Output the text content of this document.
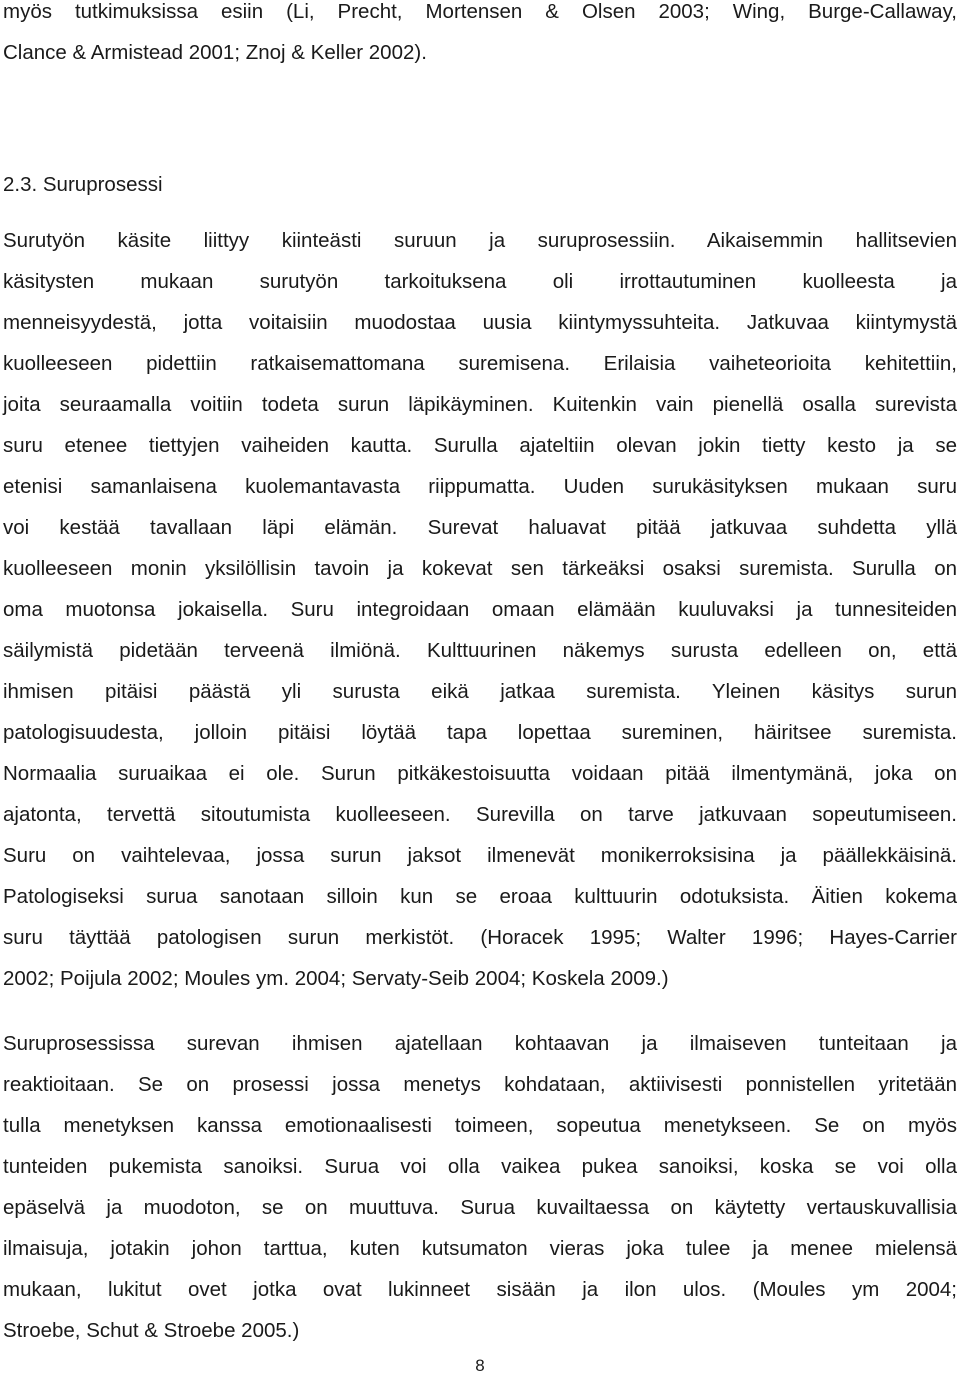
myös tutkimuksissa esiin (Li, Precht, Mortensen & Olsen 2003; Wing, Burge-Callaway,
Clance & Armistead 2001; Znoj & Keller 2002).
2.3. Suruprosessi
Surutyön käsite liittyy kiinteästi suruun ja suruprosessiin. Aikaisemmin hallitsevien
käsitysten mukaan surutyön tarkoituksena oli irrottautuminen kuolleesta ja
menneisyydestä, jotta voitaisiin muodostaa uusia kiintymyssuhteita. Jatkuvaa kiintymystä
kuolleeseen pidettiin ratkaisemattomana suremisena. Erilaisia vaiheteorioita kehitettiin,
joita seuraamalla voitiin todeta surun läpikäyminen. Kuitenkin vain pienellä osalla surevista
suru etenee tiettyjen vaiheiden kautta. Surulla ajateltiin olevan jokin tietty kesto ja se
etenisi samanlaisena kuolemantavasta riippumatta. Uuden surukäsityksen mukaan suru
voi kestää tavallaan läpi elämän. Surevat haluavat pitää jatkuvaa suhdetta yllä
kuolleeseen monin yksilöllisin tavoin ja kokevat sen tärkeäksi osaksi suremista. Surulla on
oma muotonsa jokaisella. Suru integroidaan omaan elämään kuuluvaksi ja tunnesiteiden
säilymistä pidetään terveenä ilmiönä. Kulttuurinen näkemys surusta edelleen on, että
ihmisen pitäisi päästä yli surusta eikä jatkaa suremista. Yleinen käsitys surun
patologisuudesta, jolloin pitäisi löytää tapa lopettaa sureminen, häiritsee suremista.
Normaalia suruaikaa ei ole. Surun pitkäkestoisuutta voidaan pitää ilmentymänä, joka on
ajatonta, tervettä sitoutumista kuolleeseen. Surevilla on tarve jatkuvaan sopeutumiseen.
Suru on vaihtelevaa, jossa surun jaksot ilmenevät monikerroksisina ja päällekkäisinä.
Patologiseksi surua sanotaan silloin kun se eroaa kulttuurin odotuksista. Äitien kokema
suru täyttää patologisen surun merkistöt. (Horacek 1995; Walter 1996; Hayes-Carrier
2002; Poijula 2002; Moules ym. 2004; Servaty-Seib 2004; Koskela 2009.)
Suruprosessissa surevan ihmisen ajatellaan kohtaavan ja ilmaiseven tunteitaan ja
reaktioitaan. Se on prosessi jossa menetys kohdataan, aktiivisesti ponnistellen yritetään
tulla menetyksen kanssa emotionaalisesti toimeen, sopeutua menetykseen. Se on myös
tunteiden pukemista sanoiksi. Surua voi olla vaikea pukea sanoiksi, koska se voi olla
epäselvä ja muodoton, se on muuttuva. Surua kuvailtaessa on käytetty vertauskuvallisia
ilmaisuja, jotakin johon tarttua, kuten kutsumaton vieras joka tulee ja menee mielensä
mukaan, lukitut ovet jotka ovat lukinneet sisään ja ilon ulos. (Moules ym 2004;
Stroebe, Schut & Stroebe 2005.)
8
